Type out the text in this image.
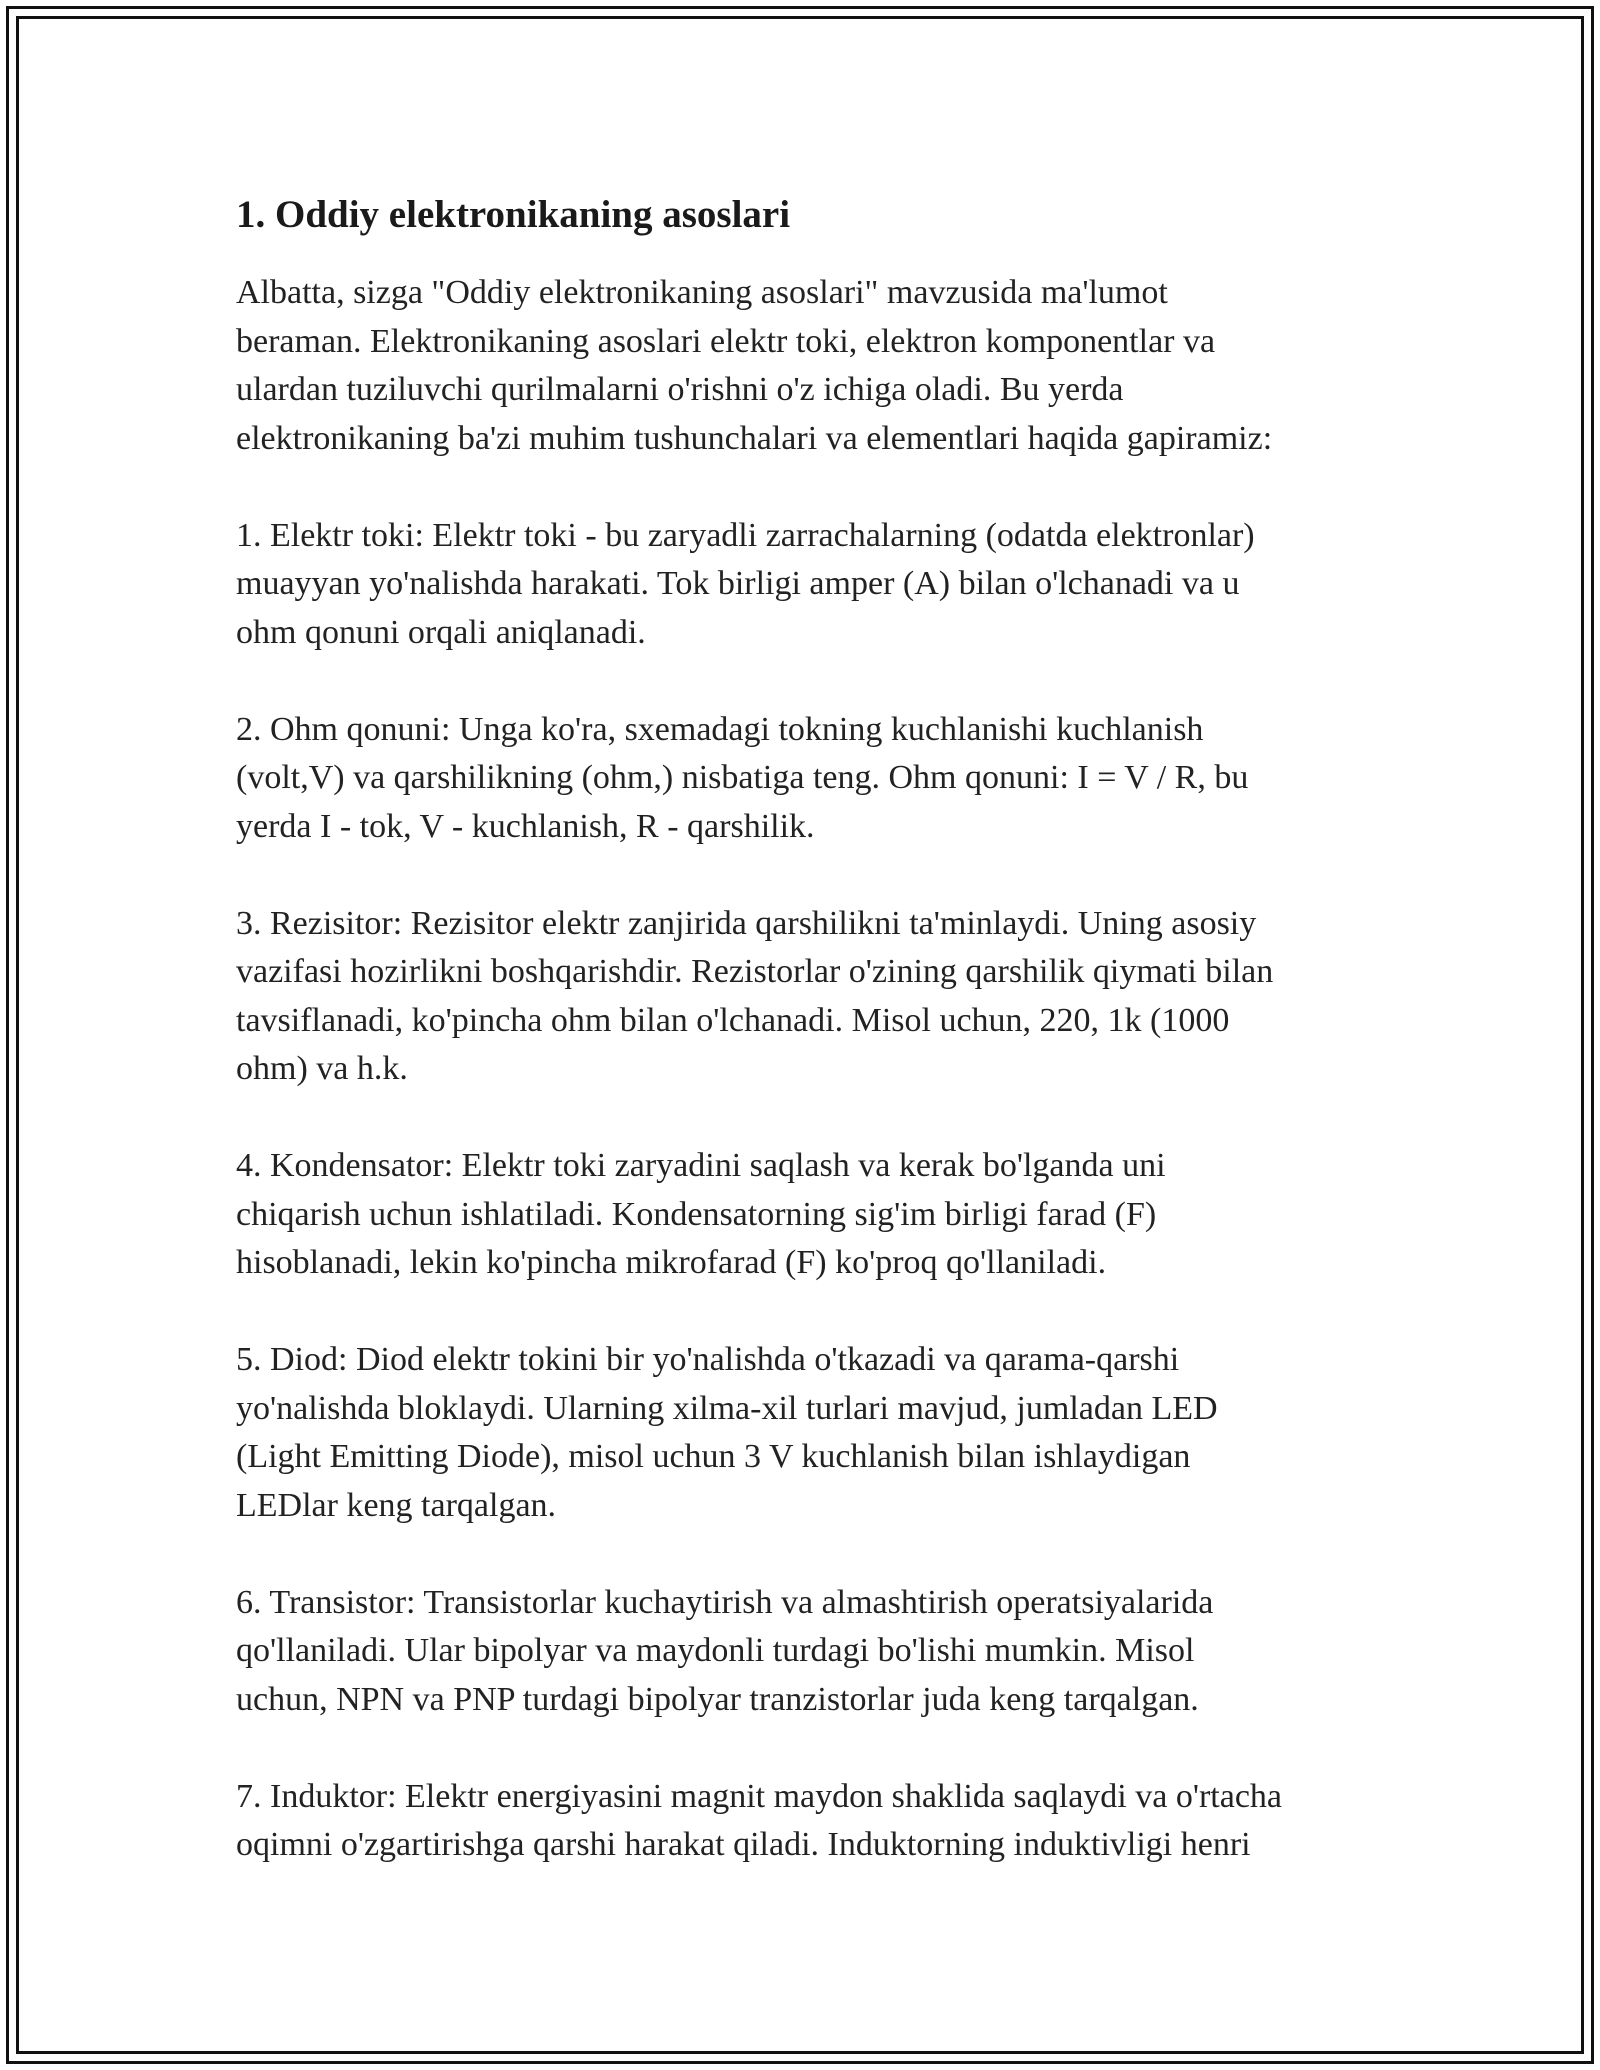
1. Oddiy elektronikaning asoslari

Albatta, sizga "Oddiy elektronikaning asoslari" mavzusida ma'lumot
beraman. Elektronikaning asoslari elektr toki, elektron komponentlar va
ulardan tuziluvchi qurilmalarni o'rishni o'z ichiga oladi. Bu yerda
elektronikaning ba'zi muhim tushunchalari va elementlari haqida gapiramiz:

1. Elektr toki: Elektr toki - bu zaryadli zarrachalarning (odatda elektronlar)
muayyan yo'nalishda harakati. Tok birligi amper (A) bilan o'lchanadi va u
ohm qonuni orqali aniqlanadi.

2. Ohm qonuni: Unga ko'ra, sxemadagi tokning kuchlanishi kuchlanish
(volt,V) va qarshilikning (ohm,) nisbatiga teng. Ohm qonuni: I = V / R, bu
yerda I - tok, V - kuchlanish, R - qarshilik.

3. Rezisitor: Rezisitor elektr zanjirida qarshilikni ta'minlaydi. Uning asosiy
vazifasi hozirlikni boshqarishdir. Rezistorlar o'zining qarshilik qiymati bilan
tavsiflanadi, ko'pincha ohm bilan o'lchanadi. Misol uchun, 220, 1k (1000
ohm) va h.k.

4. Kondensator: Elektr toki zaryadini saqlash va kerak bo'lganda uni
chiqarish uchun ishlatiladi. Kondensatorning sig'im birligi farad (F)
hisoblanadi, lekin ko'pincha mikrofarad (F) ko'proq qo'llaniladi.

5. Diod: Diod elektr tokini bir yo'nalishda o'tkazadi va qarama-qarshi
yo'nalishda bloklaydi. Ularning xilma-xil turlari mavjud, jumladan LED
(Light Emitting Diode), misol uchun 3 V kuchlanish bilan ishlaydigan
LEDlar keng tarqalgan.

6. Transistor: Transistorlar kuchaytirish va almashtirish operatsiyalarida
qo'llaniladi. Ular bipolyar va maydonli turdagi bo'lishi mumkin. Misol
uchun, NPN va PNP turdagi bipolyar tranzistorlar juda keng tarqalgan.

7. Induktor: Elektr energiyasini magnit maydon shaklida saqlaydi va o'rtacha
oqimni o'zgartirishga qarshi harakat qiladi. Induktorning induktivligi henri
